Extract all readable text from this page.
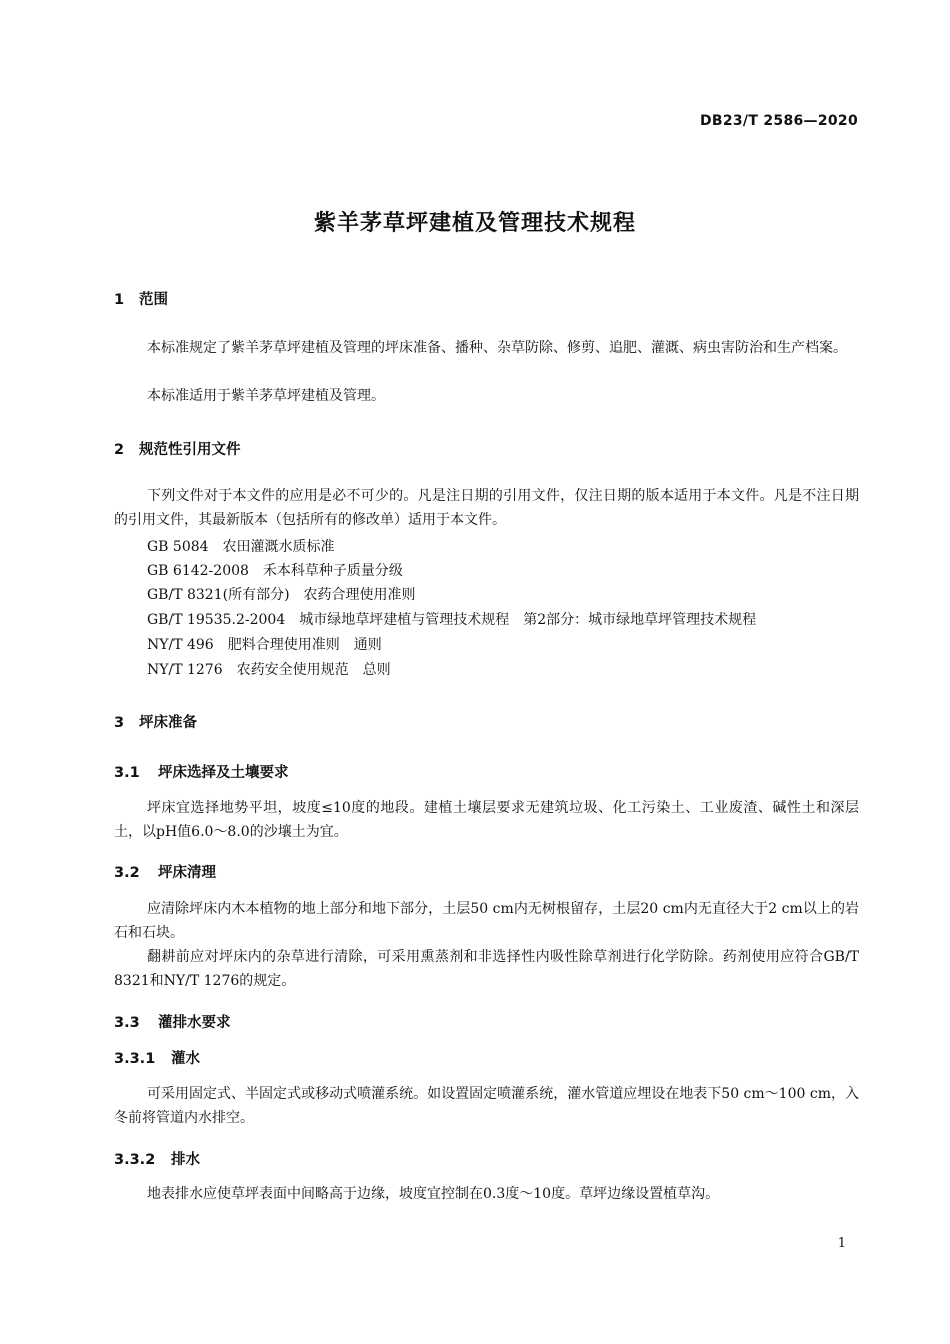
DB23/T 2586—2020
紫羊茅草坪建植及管理技术规程
1 范围
本标准规定了紫羊茅草坪建植及管理的坪床准备、播种、杂草防除、修剪、追肥、灌溉、病虫害防治和生产档案。
本标准适用于紫羊茅草坪建植及管理。
2 规范性引用文件
下列文件对于本文件的应用是必不可少的。凡是注日期的引用文件，仅注日期的版本适用于本文件。凡是不注日期的引用文件，其最新版本（包括所有的修改单）适用于本文件。
GB 5084　农田灌溉水质标准
GB 6142-2008　禾本科草种子质量分级
GB/T 8321(所有部分)　农药合理使用准则
GB/T 19535.2-2004　城市绿地草坪建植与管理技术规程　第2部分：城市绿地草坪管理技术规程
NY/T 496　肥料合理使用准则　通则
NY/T 1276　农药安全使用规范　总则
3 坪床准备
3.1 坪床选择及土壤要求
坪床宜选择地势平坦，坡度≤10度的地段。建植土壤层要求无建筑垃圾、化工污染土、工业废渣、碱性土和深层土，以pH值6.0～8.0的沙壤土为宜。
3.2 坪床清理
应清除坪床内木本植物的地上部分和地下部分，土层50 cm内无树根留存，土层20 cm内无直径大于2 cm以上的岩石和石块。
翻耕前应对坪床内的杂草进行清除，可采用熏蒸剂和非选择性内吸性除草剂进行化学防除。药剂使用应符合GB/T 8321和NY/T 1276的规定。
3.3 灌排水要求
3.3.1 灌水
可采用固定式、半固定式或移动式喷灌系统。如设置固定喷灌系统，灌水管道应埋设在地表下50 cm～100 cm，入冬前将管道内水排空。
3.3.2 排水
地表排水应使草坪表面中间略高于边缘，坡度宜控制在0.3度～10度。草坪边缘设置植草沟。
1
